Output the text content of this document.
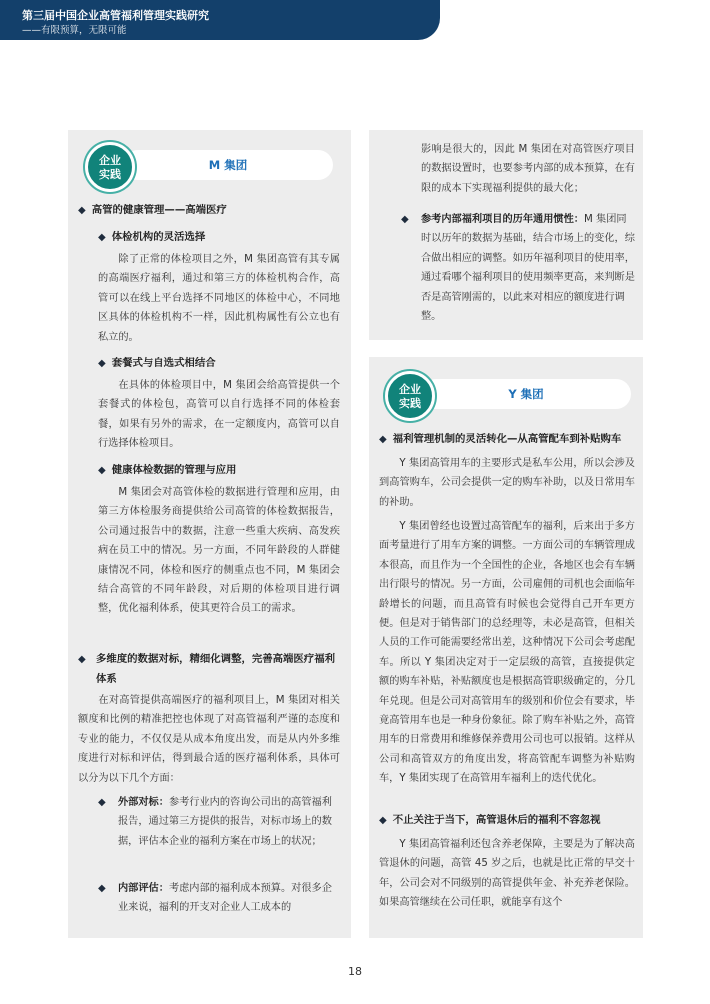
第三届中国企业高管福利管理实践研究
——有限预算，无限可能
M 集团
企业
实践
◆ 高管的健康管理——高端医疗
◆ 体检机构的灵活选择

除了正常的体检项目之外，M 集团高管有其专属的高端医疗福利，通过和第三方的体检机构合作，高管可以在线上平台选择不同地区的体检中心，不同地区具体的体检机构不一样，因此机构属性有公立也有私立的。

◆ 套餐式与自选式相结合

在具体的体检项目中，M 集团会给高管提供一个套餐式的体检包，高管可以自行选择不同的体检套餐，如果有另外的需求，在一定额度内，高管可以自行选择体检项目。

◆ 健康体检数据的管理与应用

M 集团会对高管体检的数据进行管理和应用，由第三方体检服务商提供给公司高管的体检数据报告，公司通过报告中的数据，注意一些重大疾病、高发疾病在员工中的情况。另一方面，不同年龄段的人群健康情况不同，体检和医疗的侧重点也不同，M 集团会结合高管的不同年龄段，对后期的体检项目进行调整，优化福利体系，使其更符合员工的需求。

◆ 多维度的数据对标，精细化调整，完善高端医疗福利体系

在对高管提供高端医疗的福利项目上，M 集团对相关额度和比例的精准把控也体现了对高管福利严谨的态度和专业的能力，不仅仅是从成本角度出发，而是从内外多维度进行对标和评估，得到最合适的医疗福利体系，具体可以分为以下几个方面：

◆ 外部对标：参考行业内的咨询公司出的高管福利报告，通过第三方提供的报告，对标市场上的数据，评估本企业的福利方案在市场上的状况；
◆ 内部评估：考虑内部的福利成本预算。对很多企业来说，福利的开支对企业人工成本的

影响是很大的，因此 M 集团在对高管医疗项目的数据设置时，也要参考内部的成本预算，在有限的成本下实现福利提供的最大化；

◆ 参考内部福利项目的历年通用惯性：M 集团同时以历年的数据为基础，结合市场上的变化，综合做出相应的调整。如历年福利项目的使用率，通过看哪个福利项目的使用频率更高，来判断是否是高管刚需的，以此来对相应的额度进行调整。
Y 集团
企业
实践
◆ 福利管理机制的灵活转化—从高管配车到补贴购车

Y 集团高管用车的主要形式是私车公用，所以会涉及到高管购车，公司会提供一定的购车补助，以及日常用车的补助。

Y 集团曾经也设置过高管配车的福利，后来出于多方面考量进行了用车方案的调整。一方面公司的车辆管理成本很高，而且作为一个全国性的企业，各地区也会有车辆出行限号的情况。另一方面，公司雇佣的司机也会面临年龄增长的问题，而且高管有时候也会觉得自己开车更方便。但是对于销售部门的总经理等，未必是高管，但相关人员的工作可能需要经常出差，这种情况下公司会考虑配车。所以 Y 集团决定对于一定层级的高管，直接提供定额的购车补贴，补贴额度也是根据高管职级确定的，分几年兑现。但是公司对高管用车的级别和价位会有要求，毕竟高管用车也是一种身份象征。除了购车补贴之外，高管用车的日常费用和维修保养费用公司也可以报销。这样从公司和高管双方的角度出发，将高管配车调整为补贴购车，Y 集团实现了在高管用车福利上的迭代优化。

◆ 不止关注于当下，高管退休后的福利不容忽视

Y 集团高管福利还包含养老保障，主要是为了解决高管退休的问题，高管 45 岁之后，也就是比正常的早交十年，公司会对不同级别的高管提供年金、补充养老保险。如果高管继续在公司任职，就能享有这个

18
